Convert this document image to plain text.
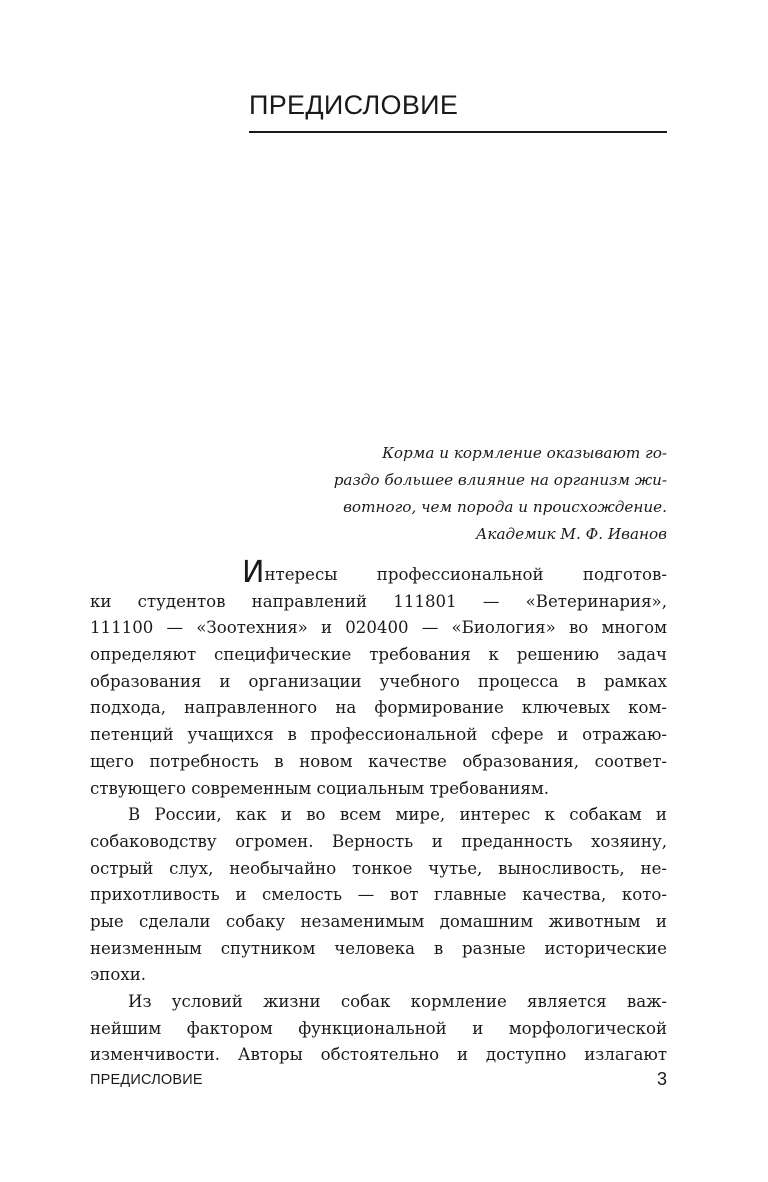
ПРЕДИСЛОВИЕ
Корма и кормление оказывают го-
раздо большее влияние на организм жи-
вотного, чем порода и происхождение.
Академик М. Ф. Иванов
Интересы профессиональной подготов-
ки студентов направлений 111801 — «Ветеринария»,
111100 — «Зоотехния» и 020400 — «Биология» во многом
определяют специфические требования к решению задач
образования и организации учебного процесса в рамках
подхода, направленного на формирование ключевых ком-
петенций учащихся в профессиональной сфере и отражаю-
щего потребность в новом качестве образования, соответ-
ствующего современным социальным требованиям.
В России, как и во всем мире, интерес к собакам и
собаководству огромен. Верность и преданность хозяину,
острый слух, необычайно тонкое чутье, выносливость, не-
прихотливость и смелость — вот главные качества, кото-
рые сделали собаку незаменимым домашним животным и
неизменным спутником человека в разные исторические
эпохи.
Из условий жизни собак кормление является важ-
нейшим фактором функциональной и морфологической
изменчивости. Авторы обстоятельно и доступно излагают
ПРЕДИСЛОВИЕ	3
